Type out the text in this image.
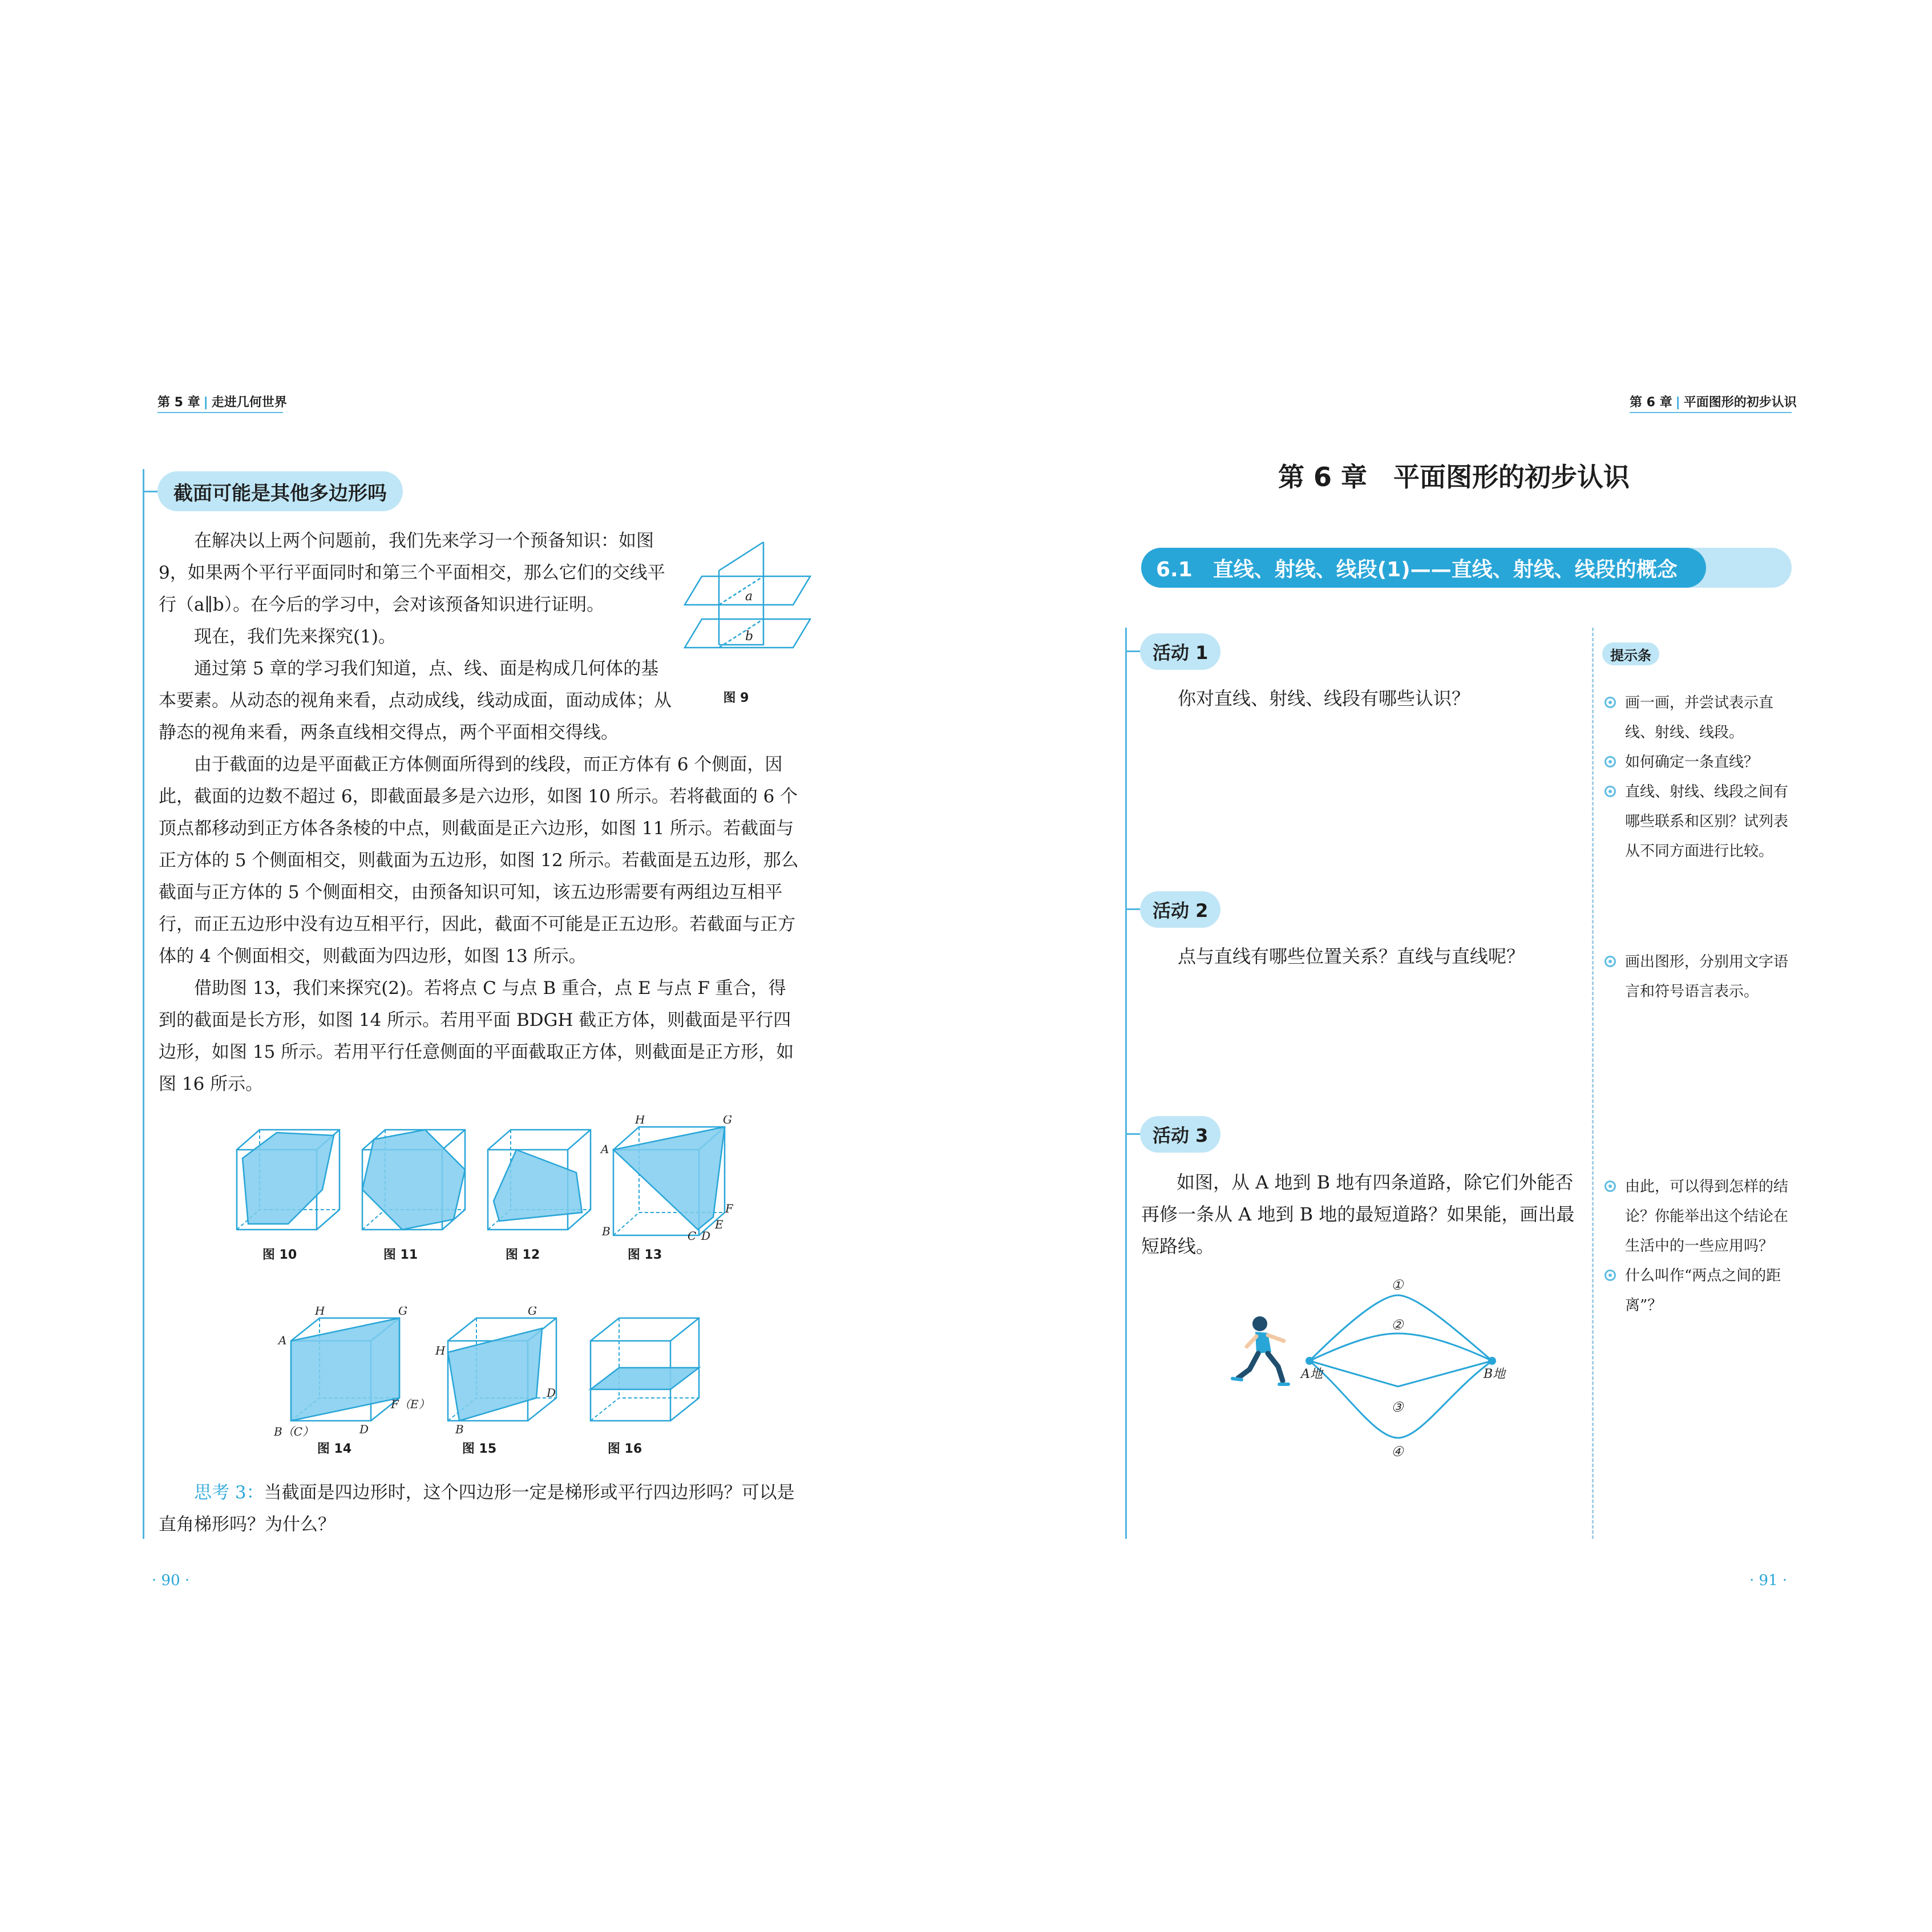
第 5 章 | 走进几何世界
截面可能是其他多边形吗

在解决以上两个问题前，我们先来学习一个预备知识：如图 9，如果两个平行平面同时和第三个平面相交，那么它们的交线平行（a∥b）。在今后的学习中，会对该预备知识进行证明。

现在，我们先来探究(1)。

通过第 5 章的学习我们知道，点、线、面是构成几何体的基本要素。从动态的视角来看，点动成线，线动成面，面动成体；从静态的视角来看，两条直线相交得点，两个平面相交得线。

由于截面的边是平面截正方体侧面所得到的线段，而正方体有 6 个侧面，因此，截面的边数不超过 6，即截面最多是六边形，如图 10 所示。若将截面的 6 个顶点都移动到正方体各条棱的中点，则截面是正六边形，如图 11 所示。若截面与正方体的 5 个侧面相交，则截面为五边形，如图 12 所示。若截面是五边形，那么截面与正方体的 5 个侧面相交，由预备知识可知，该五边形需要有两组边互相平行，而正五边形中没有边互相平行，因此，截面不可能是正五边形。若截面与正方体的 4 个侧面相交，则截面为四边形，如图 13 所示。

借助图 13，我们来探究(2)。若将点 C 与点 B 重合，点 E 与点 F 重合，得到的截面是长方形，如图 14 所示。若用平面 BDGH 截正方体，则截面是平行四边形，如图 15 所示。若用平行任意侧面的平面截取正方体，则截面是正方形，如图 16 所示。

a
b
图 9
图 10	图 11	图 12
H	G
A
F
E
B	C D
图 13
H	G
A
F（E）
B（C）	D
图 14
G
H
D
B
图 15	图 16

思考 3：当截面是四边形时，这个四边形一定是梯形或平行四边形吗？可以是直角梯形吗？为什么？

· 90 ·
第 6 章 | 平面图形的初步认识
第 6 章　平面图形的初步认识
6.1　直线、射线、线段(1)——直线、射线、线段的概念
活动 1

你对直线、射线、线段有哪些认识？

活动 2

点与直线有哪些位置关系？直线与直线呢？

活动 3

如图，从 A 地到 B 地有四条道路，除它们外能否再修一条从 A 地到 B 地的最短道路？如果能，画出最短路线。

A地	B地
①
②
③
④
提示条
画一画，并尝试表示直线、射线、线段。
如何确定一条直线？
直线、射线、线段之间有哪些联系和区别？试列表从不同方面进行比较。
画出图形，分别用文字语言和符号语言表示。
由此，可以得到怎样的结论？你能举出这个结论在生活中的一些应用吗？
什么叫作“两点之间的距离”？
· 91 ·
